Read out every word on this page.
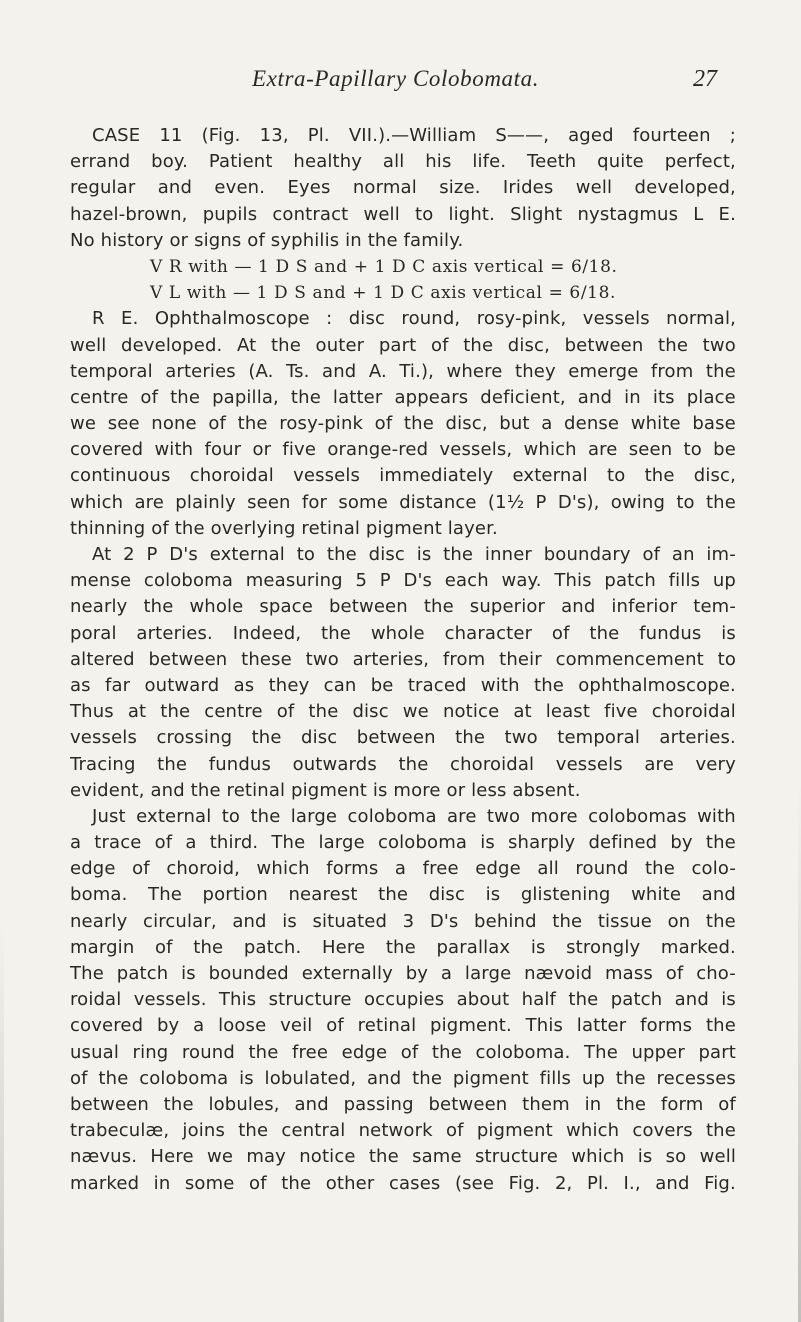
Extra-Papillary Colobomata.	27
CASE 11 (Fig. 13, Pl. VII.).—William S——, aged fourteen ;
errand boy. Patient healthy all his life. Teeth quite perfect,
regular and even. Eyes normal size. Irides well developed,
hazel-brown, pupils contract well to light. Slight nystagmus L E.
No history or signs of syphilis in the family.
V R with — 1 D S and + 1 D C axis vertical = 6/18.
V L with — 1 D S and + 1 D C axis vertical = 6/18.
R E. Ophthalmoscope : disc round, rosy-pink, vessels normal,
well developed. At the outer part of the disc, between the two
temporal arteries (A. Ts. and A. Ti.), where they emerge from the
centre of the papilla, the latter appears deficient, and in its place
we see none of the rosy-pink of the disc, but a dense white base
covered with four or five orange-red vessels, which are seen to be
continuous choroidal vessels immediately external to the disc,
which are plainly seen for some distance (1½ P D's), owing to the
thinning of the overlying retinal pigment layer.
At 2 P D's external to the disc is the inner boundary of an im-
mense coloboma measuring 5 P D's each way. This patch fills up
nearly the whole space between the superior and inferior tem-
poral arteries. Indeed, the whole character of the fundus is
altered between these two arteries, from their commencement to
as far outward as they can be traced with the ophthalmoscope.
Thus at the centre of the disc we notice at least five choroidal
vessels crossing the disc between the two temporal arteries.
Tracing the fundus outwards the choroidal vessels are very
evident, and the retinal pigment is more or less absent.
Just external to the large coloboma are two more colobomas with
a trace of a third. The large coloboma is sharply defined by the
edge of choroid, which forms a free edge all round the colo-
boma. The portion nearest the disc is glistening white and
nearly circular, and is situated 3 D's behind the tissue on the
margin of the patch. Here the parallax is strongly marked.
The patch is bounded externally by a large nævoid mass of cho-
roidal vessels. This structure occupies about half the patch and is
covered by a loose veil of retinal pigment. This latter forms the
usual ring round the free edge of the coloboma. The upper part
of the coloboma is lobulated, and the pigment fills up the recesses
between the lobules, and passing between them in the form of
trabeculæ, joins the central network of pigment which covers the
nævus. Here we may notice the same structure which is so well
marked in some of the other cases (see Fig. 2, Pl. I., and Fig.
